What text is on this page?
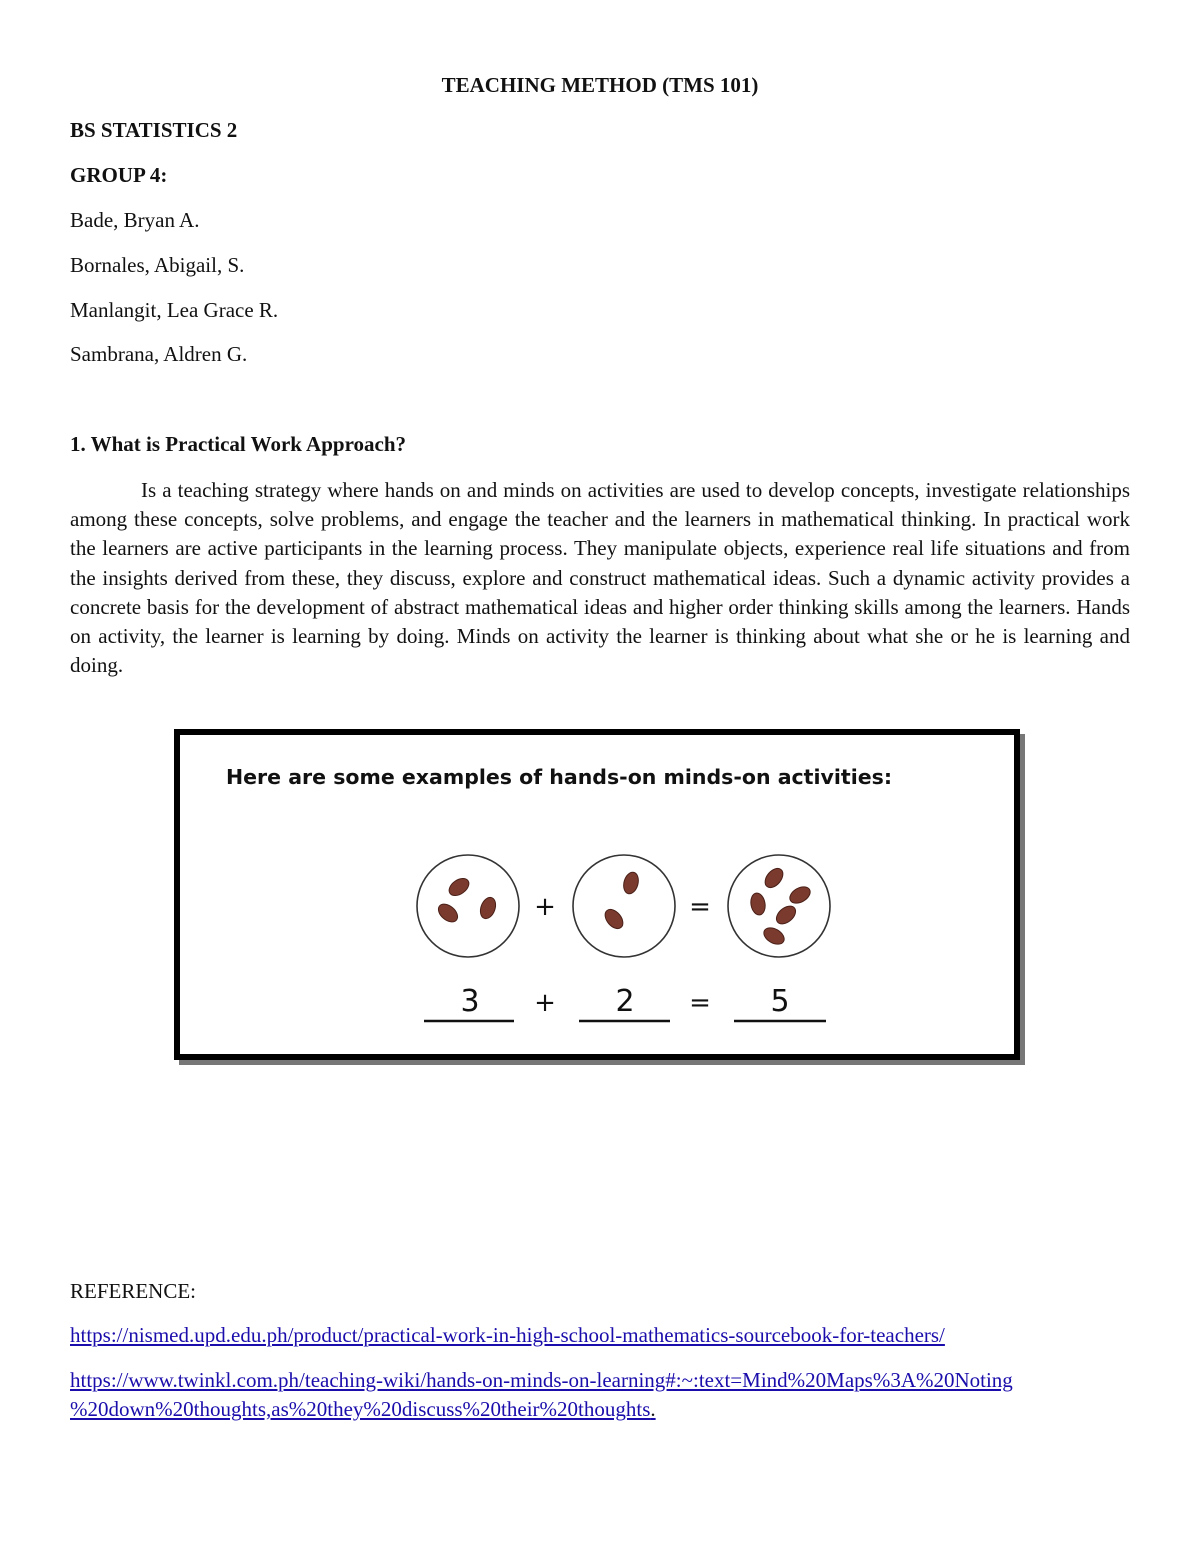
TEACHING METHOD (TMS 101)
BS STATISTICS 2
GROUP 4:
Bade, Bryan A.
Bornales, Abigail, S.
Manlangit, Lea Grace R.
Sambrana, Aldren G.
1. What is Practical Work Approach?
Is a teaching strategy where hands on and minds on activities are used to develop concepts, investigate relationships among these concepts, solve problems, and engage the teacher and the learners in mathematical thinking. In practical work the learners are active participants in the learning process. They manipulate objects, experience real life situations and from the insights derived from these, they discuss, explore and construct mathematical ideas. Such a dynamic activity provides a concrete basis for the development of abstract mathematical ideas and higher order thinking skills among the learners. Hands on activity, the learner is learning by doing. Minds on activity the learner is thinking about what she or he is learning and doing.
Here are some examples of hands-on minds-on activities:
+	=
3 + 2 = 5
REFERENCE:
https://nismed.upd.edu.ph/product/practical-work-in-high-school-mathematics-sourcebook-for-teachers/
https://www.twinkl.com.ph/teaching-wiki/hands-on-minds-on-learning#:~:text=Mind%20Maps%3A%20Noting
%20down%20thoughts,as%20they%20discuss%20their%20thoughts.
